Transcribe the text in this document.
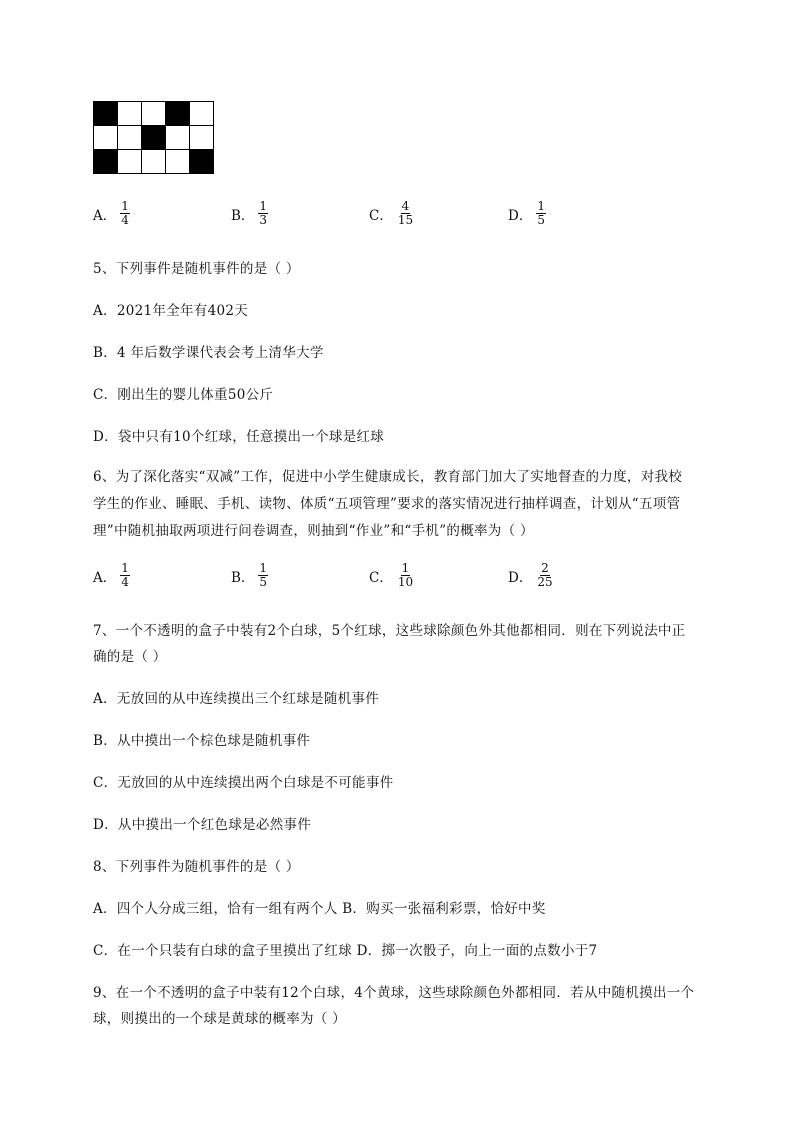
A． $\frac{1}{4}$	B． $\frac{1}{3}$	C． $\frac{4}{15}$	D． $\frac{1}{5}$
5、下列事件是随机事件的是（ ）
A．2021年全年有402天
B．4 年后数学课代表会考上清华大学
C．刚出生的婴儿体重50公斤
D．袋中只有10个红球，任意摸出一个球是红球
6、为了深化落实“双减”工作，促进中小学生健康成长，教育部门加大了实地督查的力度，对我校
学生的作业、睡眠、手机、读物、体质“五项管理”要求的落实情况进行抽样调查，计划从“五项管
理”中随机抽取两项进行问卷调查，则抽到“作业”和“手机”的概率为（ ）
A． $\frac{1}{4}$	B． $\frac{1}{5}$	C． $\frac{1}{10}$	D． $\frac{2}{25}$
7、一个不透明的盒子中装有2个白球，5个红球，这些球除颜色外其他都相同．则在下列说法中正
确的是（ ）
A．无放回的从中连续摸出三个红球是随机事件
B．从中摸出一个棕色球是随机事件
C．无放回的从中连续摸出两个白球是不可能事件
D．从中摸出一个红色球是必然事件
8、下列事件为随机事件的是（ ）
A．四个人分成三组，恰有一组有两个人 B．购买一张福利彩票，恰好中奖
C．在一个只装有白球的盒子里摸出了红球 D．掷一次骰子，向上一面的点数小于7
9、在一个不透明的盒子中装有12个白球，4个黄球，这些球除颜色外都相同．若从中随机摸出一个
球，则摸出的一个球是黄球的概率为（ ）
